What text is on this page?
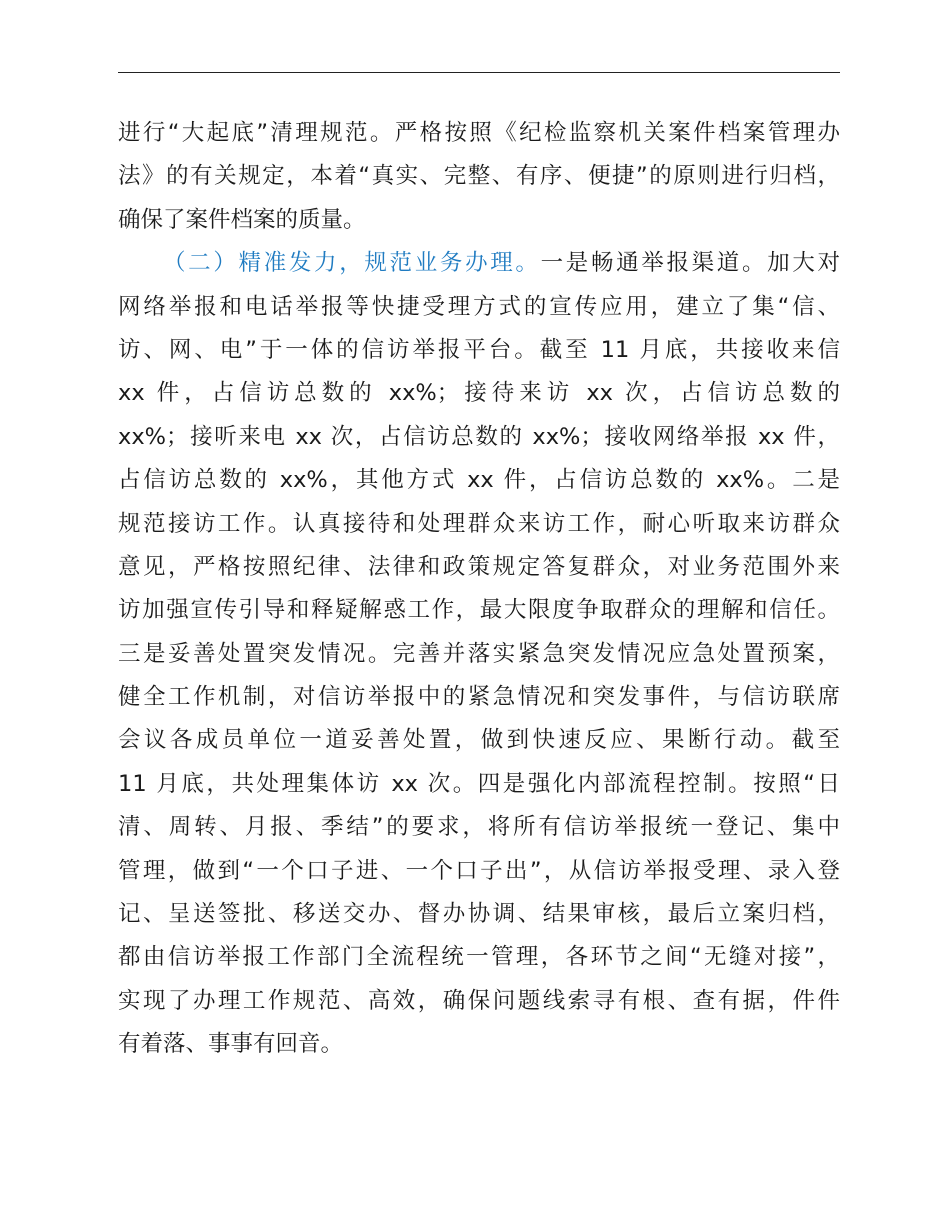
进行“大起底”清理规范。严格按照《纪检监察机关案件档案管理办
法》的有关规定，本着“真实、完整、有序、便捷”的原则进行归档，
确保了案件档案的质量。
（二）精准发力，规范业务办理。一是畅通举报渠道。加大对
网络举报和电话举报等快捷受理方式的宣传应用，建立了集“信、
访、网、电”于一体的信访举报平台。截至 11 月底，共接收来信
xx 件，占信访总数的 xx%；接待来访 xx 次，占信访总数的
xx%；接听来电 xx 次，占信访总数的 xx%；接收网络举报 xx 件，
占信访总数的 xx%，其他方式 xx 件，占信访总数的 xx%。二是
规范接访工作。认真接待和处理群众来访工作，耐心听取来访群众
意见，严格按照纪律、法律和政策规定答复群众，对业务范围外来
访加强宣传引导和释疑解惑工作，最大限度争取群众的理解和信任。
三是妥善处置突发情况。完善并落实紧急突发情况应急处置预案，
健全工作机制，对信访举报中的紧急情况和突发事件，与信访联席
会议各成员单位一道妥善处置，做到快速反应、果断行动。截至
11 月底，共处理集体访 xx 次。四是强化内部流程控制。按照“日
清、周转、月报、季结”的要求，将所有信访举报统一登记、集中
管理，做到“一个口子进、一个口子出”，从信访举报受理、录入登
记、呈送签批、移送交办、督办协调、结果审核，最后立案归档，
都由信访举报工作部门全流程统一管理，各环节之间“无缝对接”，
实现了办理工作规范、高效，确保问题线索寻有根、查有据，件件
有着落、事事有回音。
